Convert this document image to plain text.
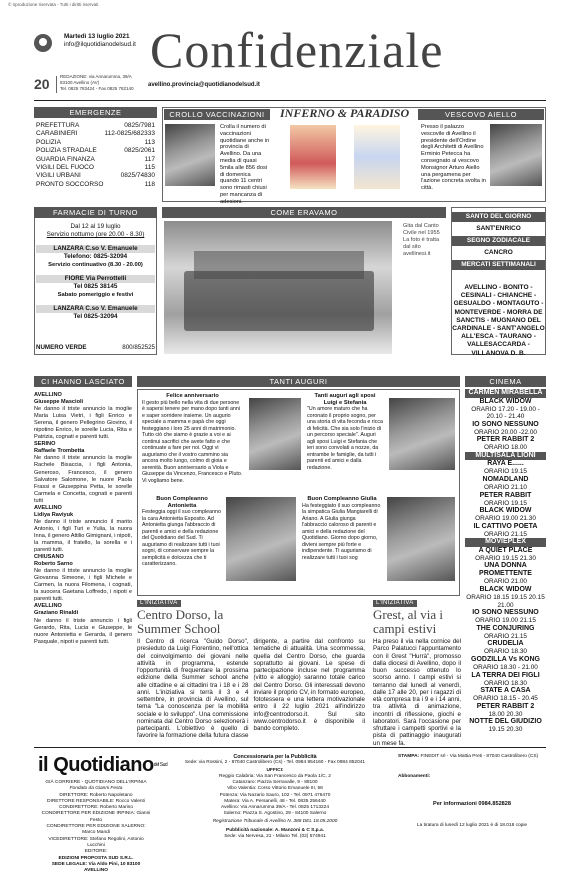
© riproduzione riservata - Tutti i diritti riservati
Martedì 13 luglio 2021
info@ilquotidianodelsud.it Confidenziale
20	REDAZIONE: via Annarumma, 39/A
83100 Avellino (AV)
Tel. 0825 783424 - Fax 0825 782140
avellino.provincia@quotidianodelsud.it
EMERGENZE
PREFETTURA	0825/7981
CARABINIERI	112-0825/682333
POLIZIA	113
POLIZIA STRADALE	0825/2061
GUARDIA FINANZA	117
VIGILI DEL FUOCO	115
VIGILI URBANI	0825/74830
PRONTO SOCCORSO	118
CROLLO VACCINAZIONI
Crolla il numero di vaccinazioni quotidiane anche in provincia di Avellino. Da una media di quasi 5mila alle 856 dosi di domenica quando 11 centri sono rimasti chiusi per mancanza di adesioni.
INFERNO & PARADISO	VESCOVO AIELLO
Presso il palazzo vescovile di Avellino il presidente dell'Ordine degli Architetti di Avellino Erminio Petecca ha consegnato al vescovo Monsignor Arturo Aiello una pergamena per l'azione concreta svolta in città.
FARMACIE DI TURNO
Dal 12 al 19 luglio
Servizio notturno (ore 20.00 - 8.30)
LANZARA C.so V. Emanuele
Telefono: 0825-32094
Servizio continuativo (8.30 - 20.00)
FIORE Via Perrottelli
Tel 0825 38145
Sabato pomeriggio e festivi
LANZARA C.so V. Emanuele
Tel 0825-32094
NUMERO VERDE	800/852525
COME ERAVAMO
Gita dal Canto Civile nel 1955 La foto è tratta dal sito avellinesi.it
SANTO DEL GIORNO
SANT'ENRICO
SEGNO ZODIACALE
CANCRO
MERCATI SETTIMANALI
AVELLINO - BONITO - CESINALI - CHIANCHE - GESUALDO - MONTAGUTO - MONTEVERDE - MORRA DE SANCTIS - MUGNANO DEL CARDINALE - SANT'ANGELO ALL'ESCA - TAURANO - VALLESACCARDA - VILLANOVA D. B.
CI HANNO LASCIATO
AVELLINO
Giuseppe Mascioli
Ne danno il triste annuncio la moglie Maria Luisa Vietri, i figli Enrico e Serena, il genero Pellegrino Giovino, il nipotino Enrico, le sorelle Lucia, Rita e Patrizia, cognati e parenti tutti.
SERINO
Raffaele Trombetta
Ne danno il triste annuncio la moglie Rachele Bisaccia, i figli Antonia, Generoso, Francesco, il genero Salvatore Salomone, le nuore Paola Frassi e Giuseppina Petta, le sorelle Carmela e Concetta, cognati e parenti tutti
AVELLINO
Lidiya Raviyuk
Ne danno il triste annuncio il marito Antonio, i figli Turi e Yulia, la nuora Inna, il genero Attilio Gimignani, i nipoti, la mamma, il fratello, la sorella e i parenti tutti.
CHIUSANO
Roberto Sarno
Ne danno il triste annuncio la moglie Giovanna Simeone, i figli Michele e Carmen, la nuora Filomena, i cognati, la suocera Gaetana Loffredo, i nipoti e parenti tutti.
AVELLINO
Graziano Rinaldi
Ne danno il triste annuncio i figli Gerardo, Rita, Lucia e Giuseppe, le nuore Antonietta e Gerarda, il genero Pasquale, nipoti e parenti tutti.
TANTI AUGURI
Felice anniversario
Il gesto più bello nella vita di due persone è sapersi tenere per mano dopo tanti anni e saper sorridere insieme. Un augurio speciale a mamma e papà che oggi festeggiano i loro 25 anni di matrimonio. Tutto ciò che siamo è grazie a voi e ai continui sacrifici che avete fatto e che continuate a fare per noi. Oggi vi auguriamo che il vostro cammino sia ancora molto lungo, colmo di gioia e serenità. Buon anniversario a Viola e Giuseppe da Vincenzo, Francesco e Pluto. Vi vogliamo bene.
Tanti auguri agli sposi Luigi e Stefania
"Un amore maturo che ha coronato il proprio sogno, per una storia di vita feconda e ricca di felicità. Che sia solo l'inizio di un percorso speciale". Auguri agli sposi Luigi e Stefania che ieri sono convolati a nozze, da entrambe le famiglie, da tutti i parenti ed amici e dalla redazione.
Buon Compleanno Antonietta
Festeggia oggi il suo compleanno la cara Antonietta Esposito. Ad Antonietta giunga l'abbraccio di parenti e amici e della redazione del Quotidiano del Sud. Ti auguriamo di realizzare tutti i tuoi sogni, di conservare sempre la semplicità e dolcezza che ti caratterizzano.
Buon Compleanno Giulia
Ha festeggiato il suo compleanno la simpatica Giulia Mangiarelli di Ariano. A Giulia giunga l'abbraccio caloroso di parenti e amici e della redazione del Quotidiano. Giorno dopo giorno, divieni sempre più forte e indipendente. Ti auguriamo di realizzare tutti i tuoi sog
CINEMA
CARMEN MIRABELLA
BLACK WIDOW
ORARIO 17.20 - 19.00 - 20.10 - 21.40
IO SONO NESSUNO
ORARIO 20.00 -22.00
PETER RABBIT 2
ORARIO 18.00
MULTISALA LIONI
RAYA E......
ORARIO 19.15
NOMADLAND
ORARIO 21.10
PETER RABBIT
ORARIO 19.15
BLACK WIDOW
ORARIO 19.00 21.30
IL CATTIVO POETA
ORARIO 21.15
MOVIEPLEX
A QUIET PLACE
ORARIO 19.15 21.30
UNA DONNA PROMETTENTE
ORARIO 21.00
BLACK WIDOW
ORARIO 18.15 19.15 20.15 21.00
IO SONO NESSUNO
ORARIO 19.00 21.15
THE CONJURING
ORARIO 21.15
CRUDELIA
ORARIO 18.30
GODZILLA Vs KONG
ORARIO 18.30 - 21.00
LA TERRA DEI FIGLI
ORARIO 18.30
STATE A CASA
ORARIO 18.15 - 20.45
PETER RABBIT 2
18.00 20.30
NOTTE DEL GIUDIZIO
19.15 20.30
L'INIZIATIVA
Centro Dorso, la Summer School
Il Centro di ricerca "Guido Dorso", presieduto da Luigi Fiorentino, nell'ottica del coinvolgimento dei giovani nelle attività in programma, estende l'opportunità di frequentare la prossima edizione della Summer school anche alle cittadine e ai cittadini tra i 18 e i 28 anni. L'iniziativa si terrà il 3 e 4 settembre, in provincia di Avellino, sul tema "La conoscenza per la mobilità sociale e lo sviluppo". Una commissione nominata dal Centro Dorso selezionerà i partecipanti. L'obiettivo è quello di favorire la formazione della futura classe dirigente, a partire dal confronto su tematiche di attualità. Una scommessa, quella del Centro Dorso, che guarda soprattutto ai giovani. Le spese di partecipazione incluse nel programma (vitto e alloggio) saranno totale carico del Centro Dorso. Gli interessati devono inviare il proprio CV, in formato europeo, fototessera e una lettera motivazionale entro il 22 luglio 2021 all'indirizzo info@centrodorso.it. Sul sito www.centrodorso.it è disponibile il bando completo.
L'INIZIATIVA
Grest, al via i campi estivi
Ha preso il via nella cornice del Parco Palatucci l'appuntamento con il Grest "Hurrà", promosso dalla diocesi di Avellino, dopo il buon successo ottenuto lo scorso anno. I campi estivi si terranno dal lunedì al venerdì, dalle 17 alle 20, per i ragazzi di età compresa tra i 9 e i 14 anni, tra attività di animazione, incontri di riflessione, giochi e laboratori. Sarà l'occasione per sfruttare i campetti sportivi e la pista di pattinaggio inaugurati un mese fa.
il Quotidiano$^{del Sud}$
GIÀ CORRIERE - QUOTIDIANO DELL'IRPINIA
Fondato da Gianni Festa
DIRETTORE: Roberto Napoletano
DIRETTORE RESPONSABILE: Rocco Valenti
CONDIRETTORE: Roberto Marino
CONDIRETTORE PER EDIZIONE IRPINIA: Gianni Festo
CONDIRETTORE PER EDIZIONE SALERNO: Marco Mandi
VICEDIRETTORE: Stefano Regolini, Antonio Lucchini
EDITORE:
EDIZIONI PROPOSTA SUD S.R.L.
SEDE LEGALE: Via Aldo Pini, 10 83100 AVELLINO
Concessionaria per la Pubblicità
Sede: via Rossini, 2 - 87040 Castrolibero (Cs) - Tel. 0984 854160 - Fax 0984 852041
UFFICI:
Reggio Calabria: Via San Francesco da Paola 1/C, 2
Catanzaro: Piazza Serravalle, 9 - 88100
Vibo Valentia: Corso Vittorio Emanuele III, 58
Potenza: Via Nazario Sauro, 102 - Tel. 0971 476470
Matera: Via A. Persanelli, 48 - Tel. 0835 256440
Avellino: Via Annarumma 39/A - Tel. 0825 1713224
Salerno: Piazza S. Agostino, 29 - 84100 Salerno
Registrazione Tribunale di Avellino N. 388 DEL 18.05.2000
Pubblicità nazionale: A. Manzoni & C S.p.a.
Sede: via Nervesa, 21 - Milano Tel. (02) 574941
STAMPA: FINEDIT srl - Via Mattia Preti - 87040 Castrolibero (CS)
Abbonamenti:
Per informazioni 0984.852828
La tiratura di lunedì 12 luglio 2021 è di 18.018 copie
